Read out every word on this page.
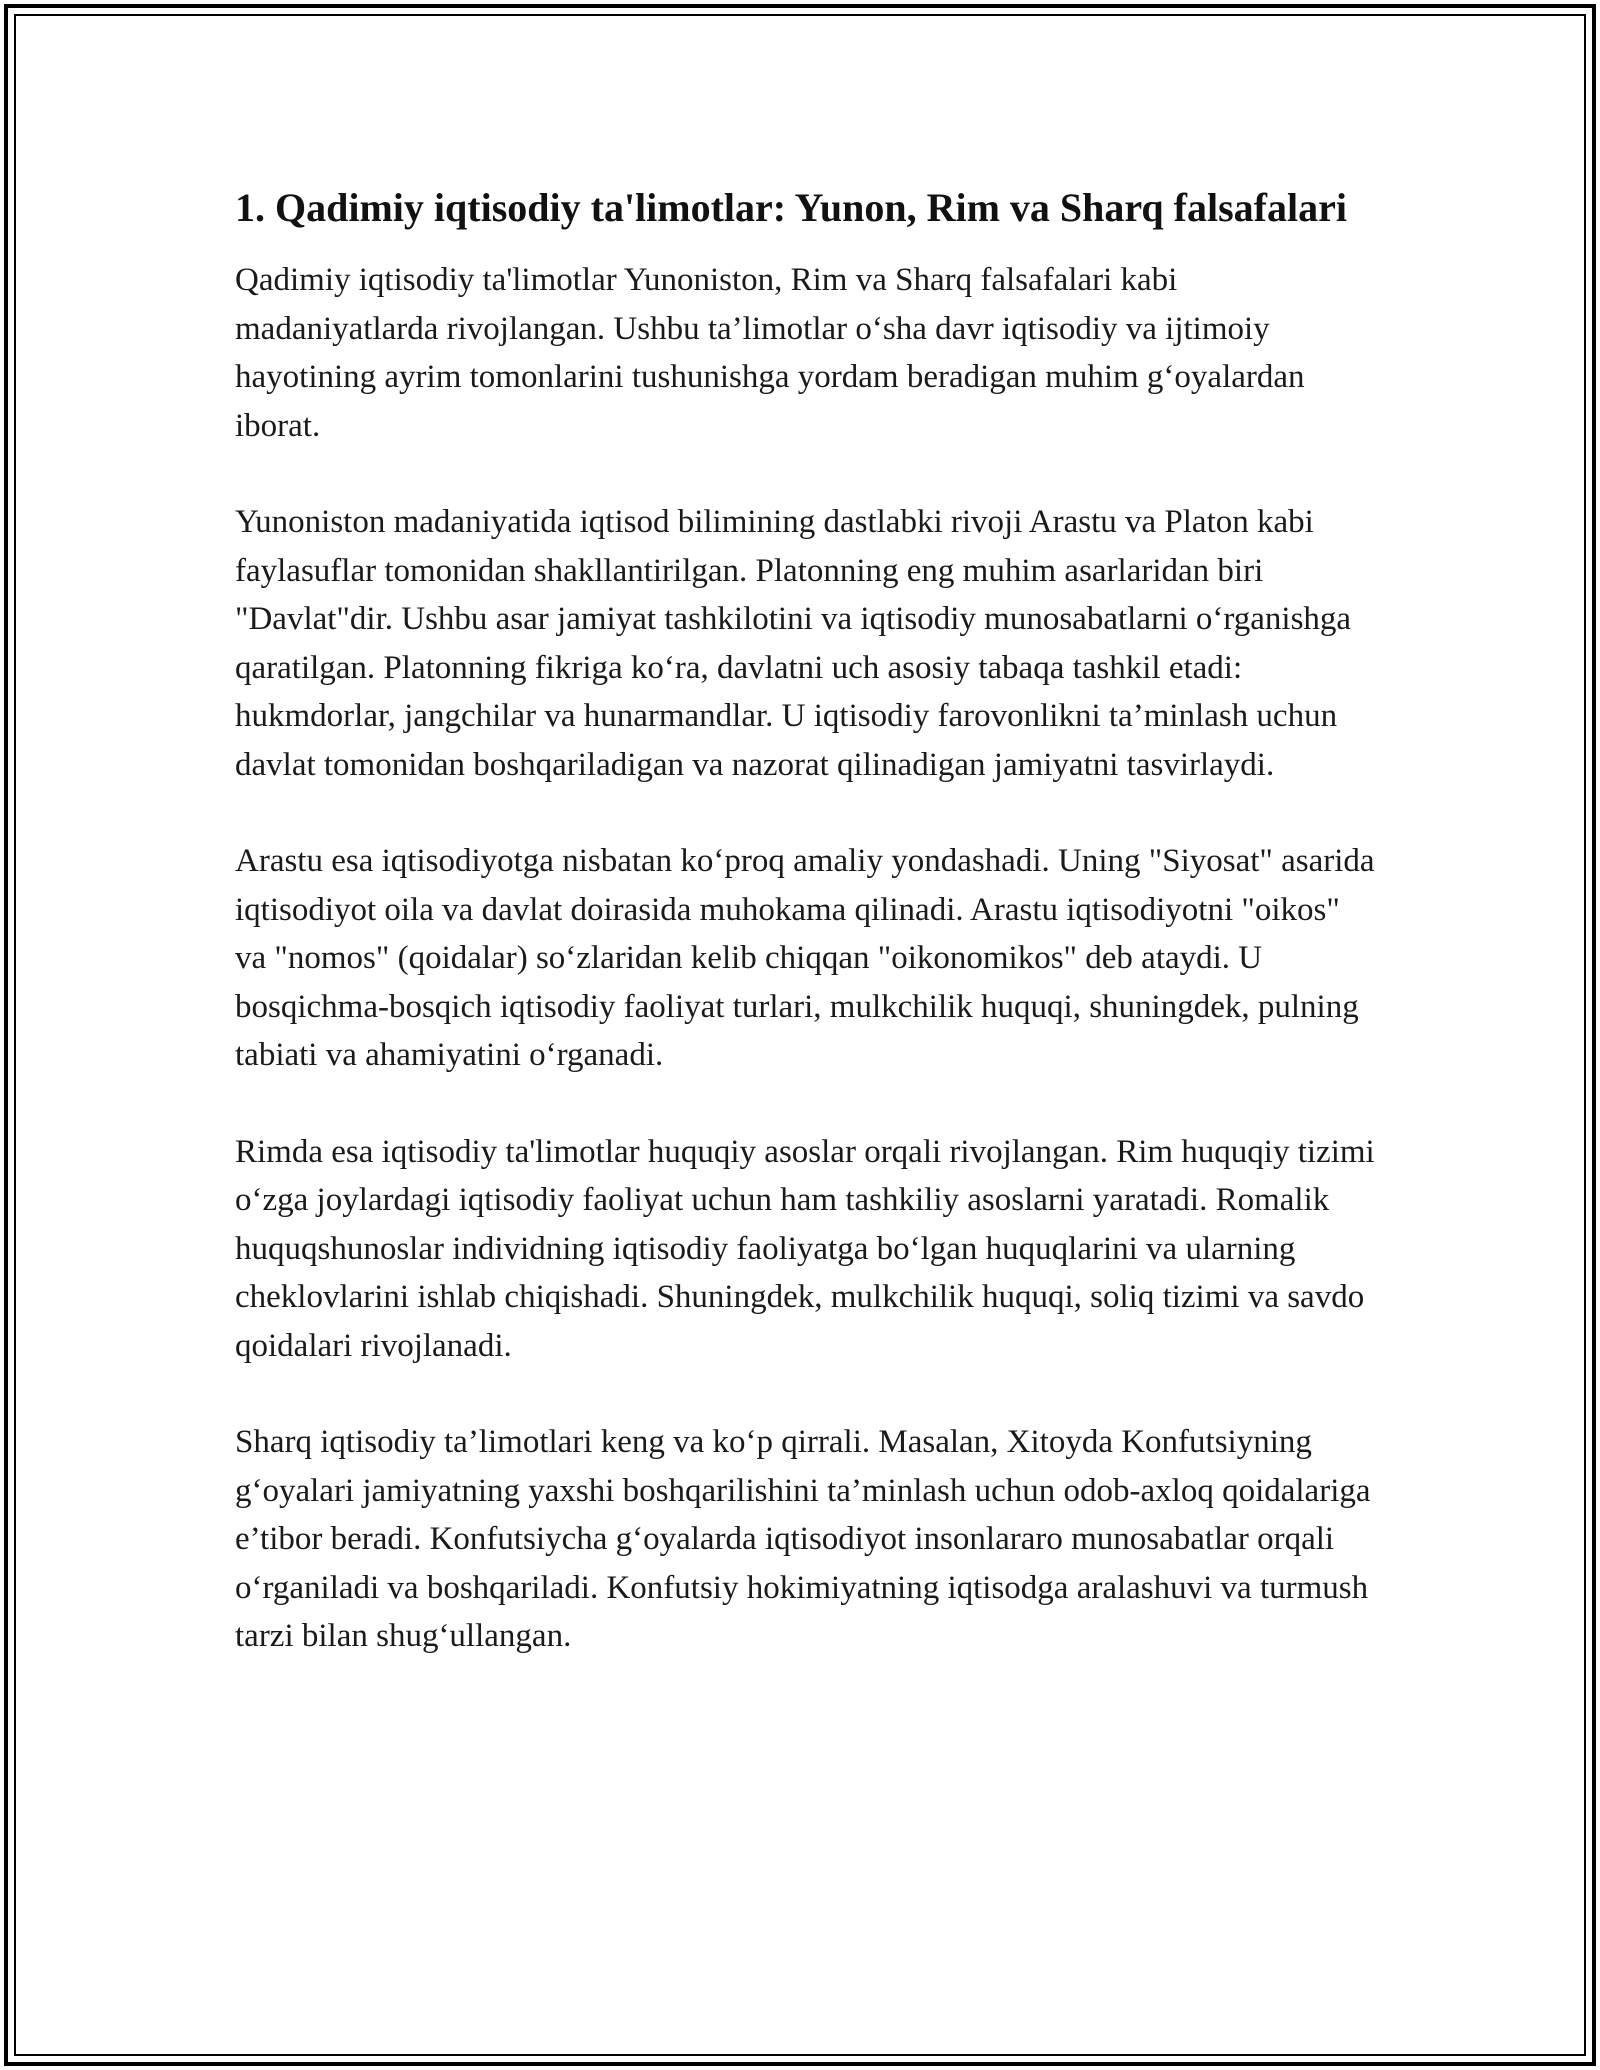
1. Qadimiy iqtisodiy ta'limotlar: Yunon, Rim va Sharq falsafalari

Qadimiy iqtisodiy ta'limotlar Yunoniston, Rim va Sharq falsafalari kabi madaniyatlarda rivojlangan. Ushbu ta’limotlar o‘sha davr iqtisodiy va ijtimoiy hayotining ayrim tomonlarini tushunishga yordam beradigan muhim g‘oyalardan iborat.

Yunoniston madaniyatida iqtisod bilimining dastlabki rivoji Arastu va Platon kabi faylasuflar tomonidan shakllantirilgan. Platonning eng muhim asarlaridan biri "Davlat"dir. Ushbu asar jamiyat tashkilotini va iqtisodiy munosabatlarni o‘rganishga qaratilgan. Platonning fikriga ko‘ra, davlatni uch asosiy tabaqa tashkil etadi: hukmdorlar, jangchilar va hunarmandlar. U iqtisodiy farovonlikni ta’minlash uchun davlat tomonidan boshqariladigan va nazorat qilinadigan jamiyatni tasvirlaydi.

Arastu esa iqtisodiyotga nisbatan ko‘proq amaliy yondashadi. Uning "Siyosat" asarida iqtisodiyot oila va davlat doirasida muhokama qilinadi. Arastu iqtisodiyotni "oikos" va "nomos" (qoidalar) so‘zlaridan kelib chiqqan "oikonomikos" deb ataydi. U bosqichma-bosqich iqtisodiy faoliyat turlari, mulkchilik huquqi, shuningdek, pulning tabiati va ahamiyatini o‘rganadi.

Rimda esa iqtisodiy ta'limotlar huquqiy asoslar orqali rivojlangan. Rim huquqiy tizimi o‘zga joylardagi iqtisodiy faoliyat uchun ham tashkiliy asoslarni yaratadi. Romalik huquqshunoslar individning iqtisodiy faoliyatga bo‘lgan huquqlarini va ularning cheklovlarini ishlab chiqishadi. Shuningdek, mulkchilik huquqi, soliq tizimi va savdo qoidalari rivojlanadi.

Sharq iqtisodiy ta’limotlari keng va ko‘p qirrali. Masalan, Xitoyda Konfutsiyning g‘oyalari jamiyatning yaxshi boshqarilishini ta’minlash uchun odob-axloq qoidalariga e’tibor beradi. Konfutsiycha g‘oyalarda iqtisodiyot insonlararo munosabatlar orqali o‘rganiladi va boshqariladi. Konfutsiy hokimiyatning iqtisodga aralashuvi va turmush tarzi bilan shug‘ullangan.
